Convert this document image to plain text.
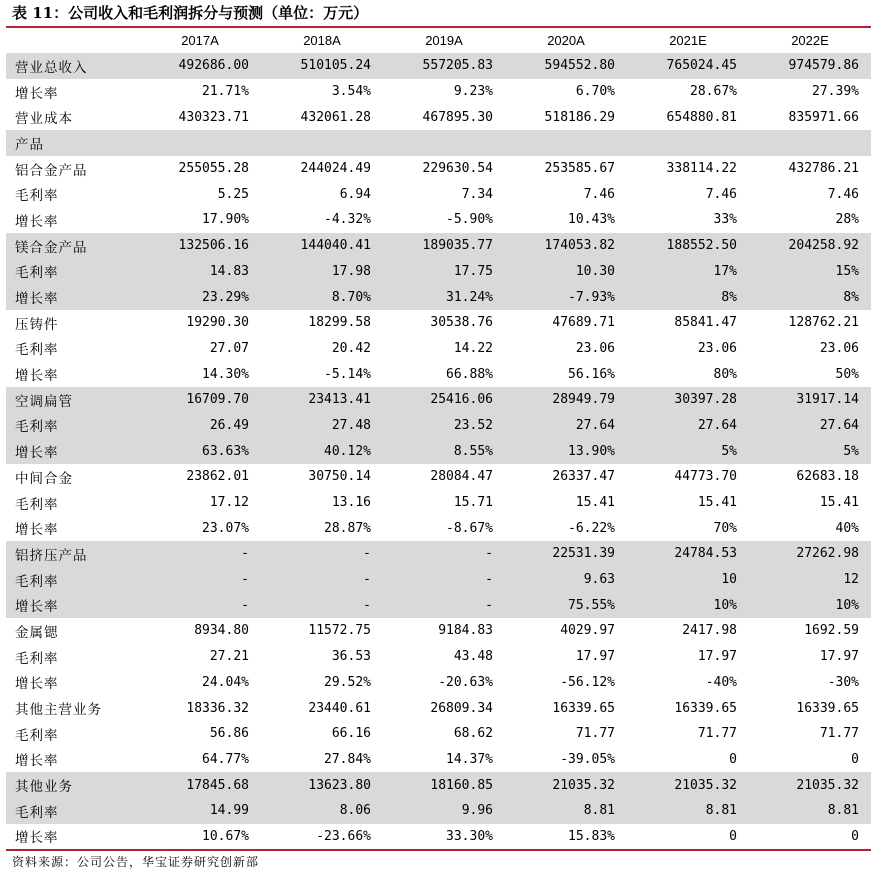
表 11：公司收入和毛利润拆分与预测（单位：万元）
	2017A	2018A	2019A	2020A	2021E	2022E
营业总收入	492686.00	510105.24	557205.83	594552.80	765024.45	974579.86
增长率	21.71%	3.54%	9.23%	6.70%	28.67%	27.39%
营业成本	430323.71	432061.28	467895.30	518186.29	654880.81	835971.66
产品						
铝合金产品	255055.28	244024.49	229630.54	253585.67	338114.22	432786.21
毛利率	5.25	6.94	7.34	7.46	7.46	7.46
增长率	17.90%	-4.32%	-5.90%	10.43%	33%	28%
镁合金产品	132506.16	144040.41	189035.77	174053.82	188552.50	204258.92
毛利率	14.83	17.98	17.75	10.30	17%	15%
增长率	23.29%	8.70%	31.24%	-7.93%	8%	8%
压铸件	19290.30	18299.58	30538.76	47689.71	85841.47	128762.21
毛利率	27.07	20.42	14.22	23.06	23.06	23.06
增长率	14.30%	-5.14%	66.88%	56.16%	80%	50%
空调扁管	16709.70	23413.41	25416.06	28949.79	30397.28	31917.14
毛利率	26.49	27.48	23.52	27.64	27.64	27.64
增长率	63.63%	40.12%	8.55%	13.90%	5%	5%
中间合金	23862.01	30750.14	28084.47	26337.47	44773.70	62683.18
毛利率	17.12	13.16	15.71	15.41	15.41	15.41
增长率	23.07%	28.87%	-8.67%	-6.22%	70%	40%
铝挤压产品	-	-	-	22531.39	24784.53	27262.98
毛利率	-	-	-	9.63	10	12
增长率	-	-	-	75.55%	10%	10%
金属锶	8934.80	11572.75	9184.83	4029.97	2417.98	1692.59
毛利率	27.21	36.53	43.48	17.97	17.97	17.97
增长率	24.04%	29.52%	-20.63%	-56.12%	-40%	-30%
其他主营业务	18336.32	23440.61	26809.34	16339.65	16339.65	16339.65
毛利率	56.86	66.16	68.62	71.77	71.77	71.77
增长率	64.77%	27.84%	14.37%	-39.05%	0	0
其他业务	17845.68	13623.80	18160.85	21035.32	21035.32	21035.32
毛利率	14.99	8.06	9.96	8.81	8.81	8.81
增长率	10.67%	-23.66%	33.30%	15.83%	0	0
资料来源：公司公告，华宝证券研究创新部
